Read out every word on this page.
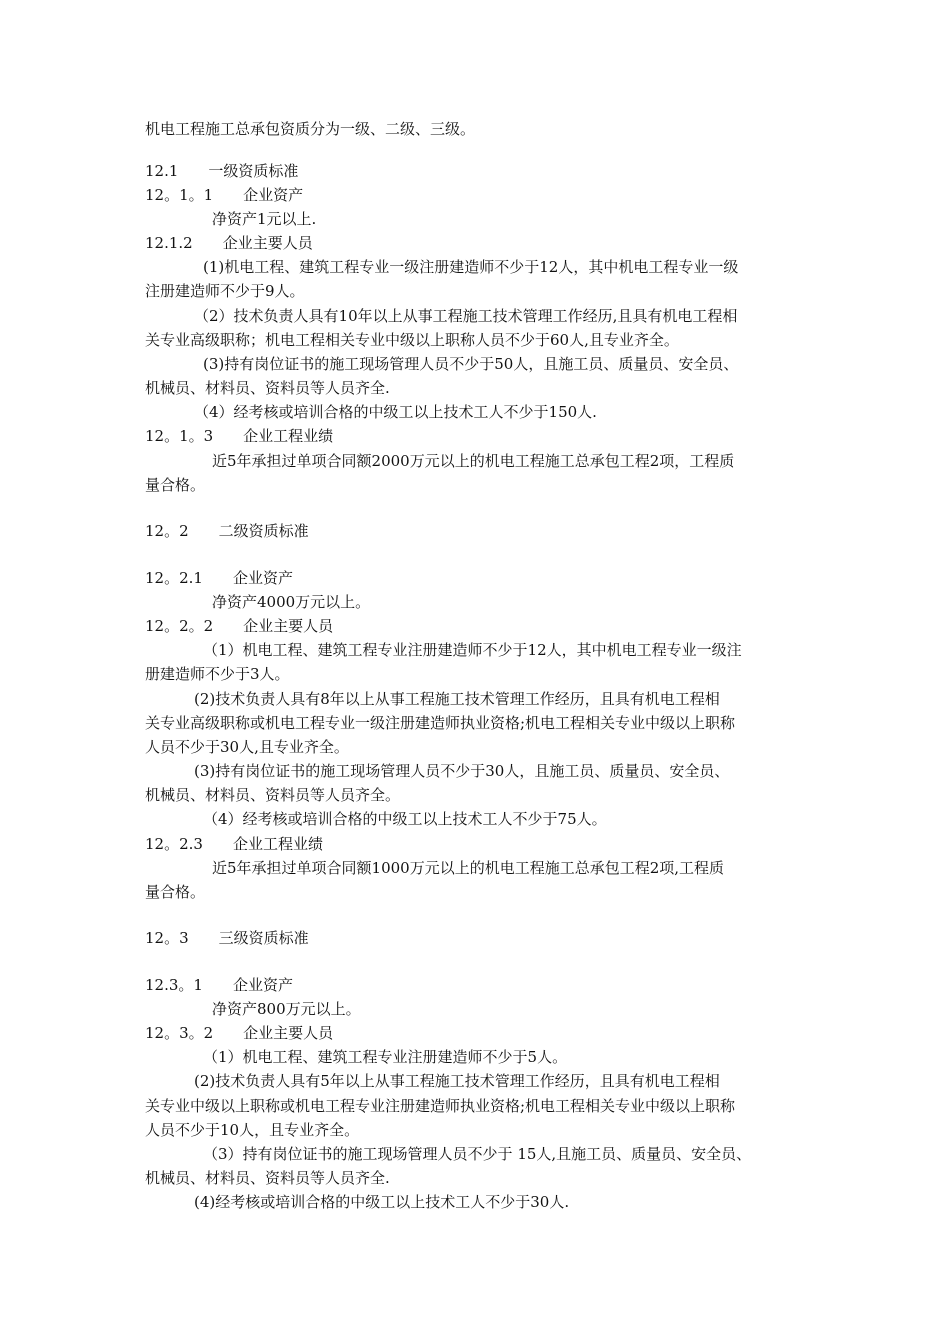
机电工程施工总承包资质分为一级、二级、三级。
12.1　　一级资质标准
12。1。1　　企业资产
净资产1元以上.
12.1.2　　企业主要人员
(1)机电工程、建筑工程专业一级注册建造师不少于12人，其中机电工程专业一级
注册建造师不少于9人。
（2）技术负责人具有10年以上从事工程施工技术管理工作经历,且具有机电工程相
关专业高级职称；机电工程相关专业中级以上职称人员不少于60人,且专业齐全。
(3)持有岗位证书的施工现场管理人员不少于50人，且施工员、质量员、安全员、
机械员、材料员、资料员等人员齐全.
（4）经考核或培训合格的中级工以上技术工人不少于150人.
12。1。3　　企业工程业绩
近5年承担过单项合同额2000万元以上的机电工程施工总承包工程2项，工程质
量合格。
12。2　　二级资质标准
12。2.1　　企业资产
净资产4000万元以上。
12。2。2　　企业主要人员
（1）机电工程、建筑工程专业注册建造师不少于12人，其中机电工程专业一级注
册建造师不少于3人。
(2)技术负责人具有8年以上从事工程施工技术管理工作经历，且具有机电工程相
关专业高级职称或机电工程专业一级注册建造师执业资格;机电工程相关专业中级以上职称
人员不少于30人,且专业齐全。
(3)持有岗位证书的施工现场管理人员不少于30人，且施工员、质量员、安全员、
机械员、材料员、资料员等人员齐全。
（4）经考核或培训合格的中级工以上技术工人不少于75人。
12。2.3　　企业工程业绩
近5年承担过单项合同额1000万元以上的机电工程施工总承包工程2项,工程质
量合格。
12。3　　三级资质标准
12.3。1　　企业资产
净资产800万元以上。
12。3。2　　企业主要人员
（1）机电工程、建筑工程专业注册建造师不少于5人。
(2)技术负责人具有5年以上从事工程施工技术管理工作经历，且具有机电工程相
关专业中级以上职称或机电工程专业注册建造师执业资格;机电工程相关专业中级以上职称
人员不少于10人，且专业齐全。
（3）持有岗位证书的施工现场管理人员不少于 15人,且施工员、质量员、安全员、
机械员、材料员、资料员等人员齐全.
(4)经考核或培训合格的中级工以上技术工人不少于30人.
